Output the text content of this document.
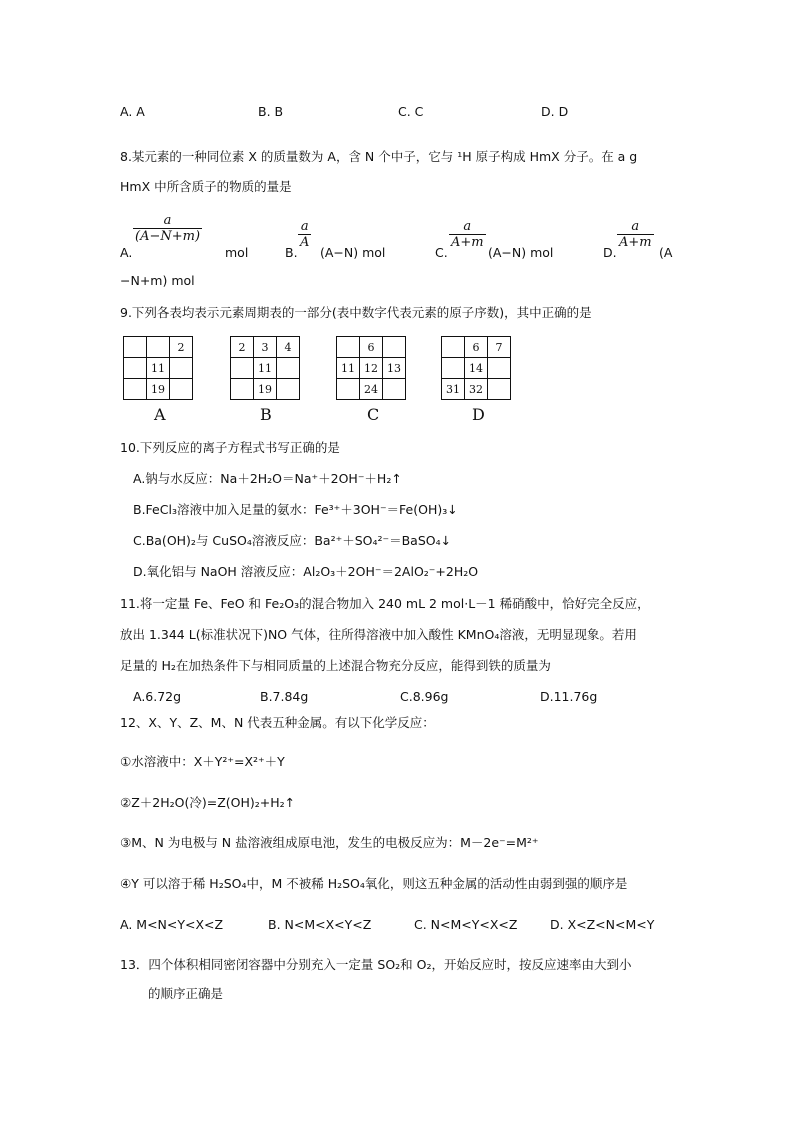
A. A	B. B	C. C	D. D
8.某元素的一种同位素 X 的质量数为 A，含 N 个中子，它与 ¹H 原子构成 HmX 分子。在 a g
HmX 中所含质子的物质的量是
A.
a
(A−N+m)
mol	B.
a
A
(A−N) mol	C.
a
A+m
(A−N) mol	D.
a
A+m
(A
−N+m) mol
9.下列各表均表示元素周期表的一部分(表中数字代表元素的原子序数)，其中正确的是
		2
	11	
	19	
A
2	3	4
	11	
	19	
B
	6	
11	12	13
	24	
C
	6	7
	14	
31	32	
D
10.下列反应的离子方程式书写正确的是
A.钠与水反应：Na＋2H₂O＝Na⁺＋2OH⁻＋H₂↑
B.FeCl₃溶液中加入足量的氨水：Fe³⁺＋3OH⁻＝Fe(OH)₃↓
C.Ba(OH)₂与 CuSO₄溶液反应：Ba²⁺＋SO₄²⁻＝BaSO₄↓
D.氧化铝与 NaOH 溶液反应：Al₂O₃＋2OH⁻＝2AlO₂⁻+2H₂O
11.将一定量 Fe、FeO 和 Fe₂O₃的混合物加入 240 mL 2 mol·L－1 稀硝酸中，恰好完全反应，
放出 1.344 L(标准状况下)NO 气体，往所得溶液中加入酸性 KMnO₄溶液，无明显现象。若用
足量的 H₂在加热条件下与相同质量的上述混合物充分反应，能得到铁的质量为
A.6.72g	B.7.84g	C.8.96g	D.11.76g
12、X、Y、Z、M、N 代表五种金属。有以下化学反应：
①水溶液中：X＋Y²⁺=X²⁺＋Y
②Z＋2H₂O(冷)=Z(OH)₂+H₂↑
③M、N 为电极与 N 盐溶液组成原电池，发生的电极反应为：M－2e⁻=M²⁺
④Y 可以溶于稀 H₂SO₄中，M 不被稀 H₂SO₄氧化，则这五种金属的活动性由弱到强的顺序是
A. M<N<Y<X<Z	B. N<M<X<Y<Z	C. N<M<Y<X<Z	D. X<Z<N<M<Y
13．四个体积相同密闭容器中分别充入一定量 SO₂和 O₂，开始反应时，按反应速率由大到小
的顺序正确是
